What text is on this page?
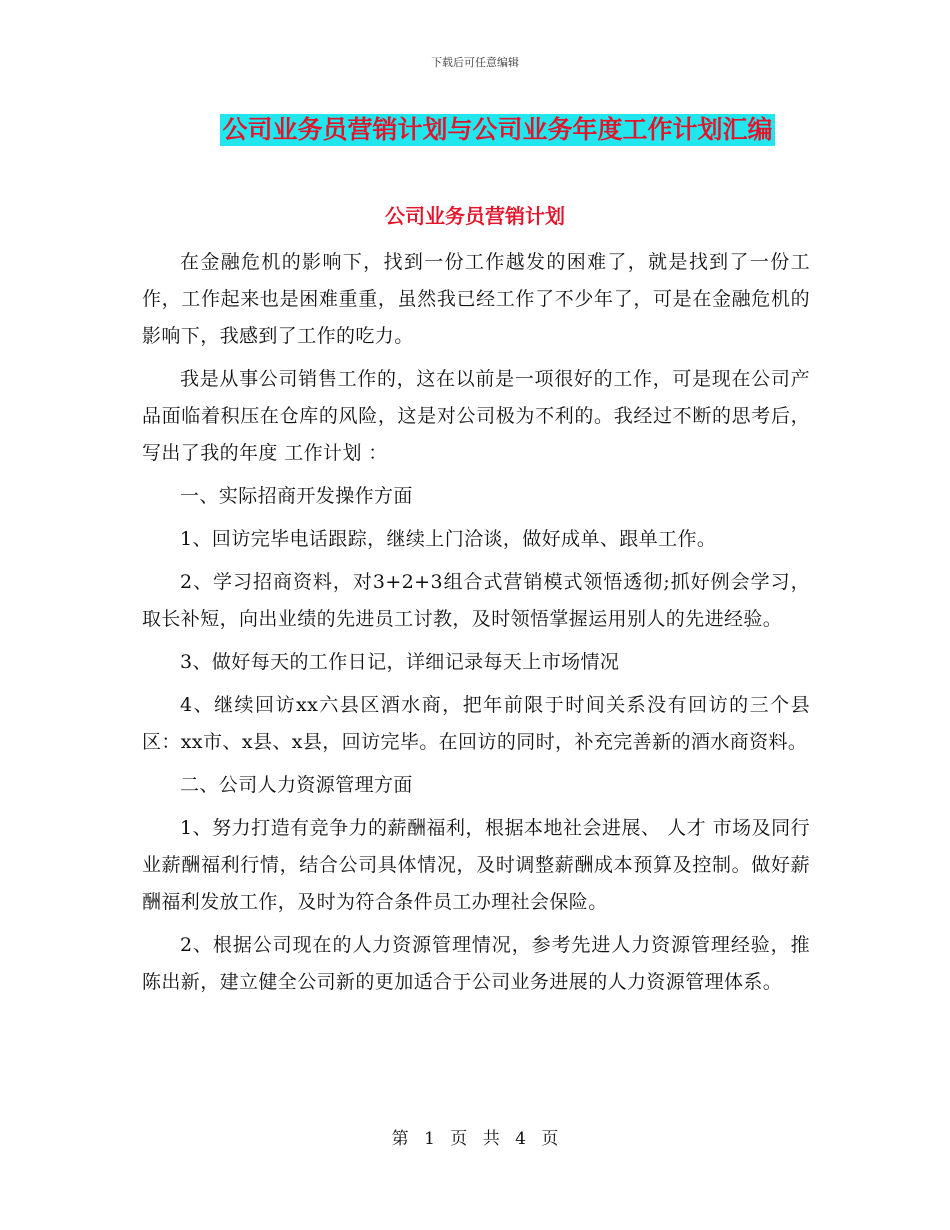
下载后可任意编辑
公司业务员营销计划与公司业务年度工作计划汇编
公司业务员营销计划

在金融危机的影响下，找到一份工作越发的困难了，就是找到了一份工作，工作起来也是困难重重，虽然我已经工作了不少年了，可是在金融危机的影响下，我感到了工作的吃力。

我是从事公司销售工作的，这在以前是一项很好的工作，可是现在公司产品面临着积压在仓库的风险，这是对公司极为不利的。我经过不断的思考后，写出了我的年度 工作计划 ：

一、实际招商开发操作方面

1、回访完毕电话跟踪，继续上门洽谈，做好成单、跟单工作。

2、学习招商资料，对3+2+3组合式营销模式领悟透彻;抓好例会学习，取长补短，向出业绩的先进员工讨教，及时领悟掌握运用别人的先进经验。

3、做好每天的工作日记，详细记录每天上市场情况

4、继续回访xx六县区酒水商，把年前限于时间关系没有回访的三个县区：xx市、x县、x县，回访完毕。在回访的同时，补充完善新的酒水商资料。

二、公司人力资源管理方面

1、努力打造有竞争力的薪酬福利，根据本地社会进展、 人才 市场及同行业薪酬福利行情，结合公司具体情况，及时调整薪酬成本预算及控制。做好薪酬福利发放工作，及时为符合条件员工办理社会保险。

2、根据公司现在的人力资源管理情况，参考先进人力资源管理经验，推陈出新，建立健全公司新的更加适合于公司业务进展的人力资源管理体系。

第 1 页 共 4 页
